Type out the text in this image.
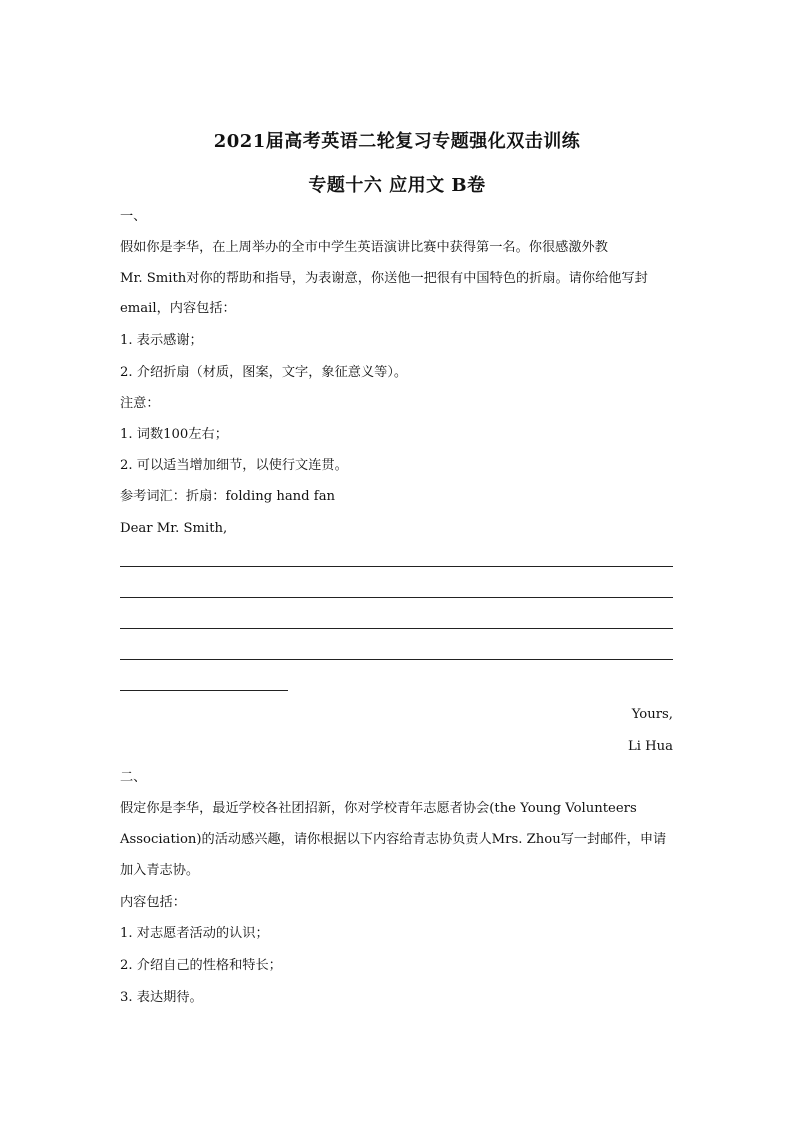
2021届高考英语二轮复习专题强化双击训练
专题十六 应用文 B卷
一、
假如你是李华，在上周举办的全市中学生英语演讲比赛中获得第一名。你很感激外教
Mr. Smith对你的帮助和指导，为表谢意，你送他一把很有中国特色的折扇。请你给他写封
email，内容包括：
1. 表示感谢；
2. 介绍折扇（材质，图案，文字，象征意义等）。
注意：
1. 词数100左右；
2. 可以适当增加细节，以使行文连贯。
参考词汇：折扇：folding hand fan
Dear Mr. Smith,
Yours,
Li Hua
二、
假定你是李华，最近学校各社团招新，你对学校青年志愿者协会(the Young Volunteers
Association)的活动感兴趣，请你根据以下内容给青志协负责人Mrs. Zhou写一封邮件，申请
加入青志协。
内容包括：
1. 对志愿者活动的认识；
2. 介绍自己的性格和特长；
3. 表达期待。
